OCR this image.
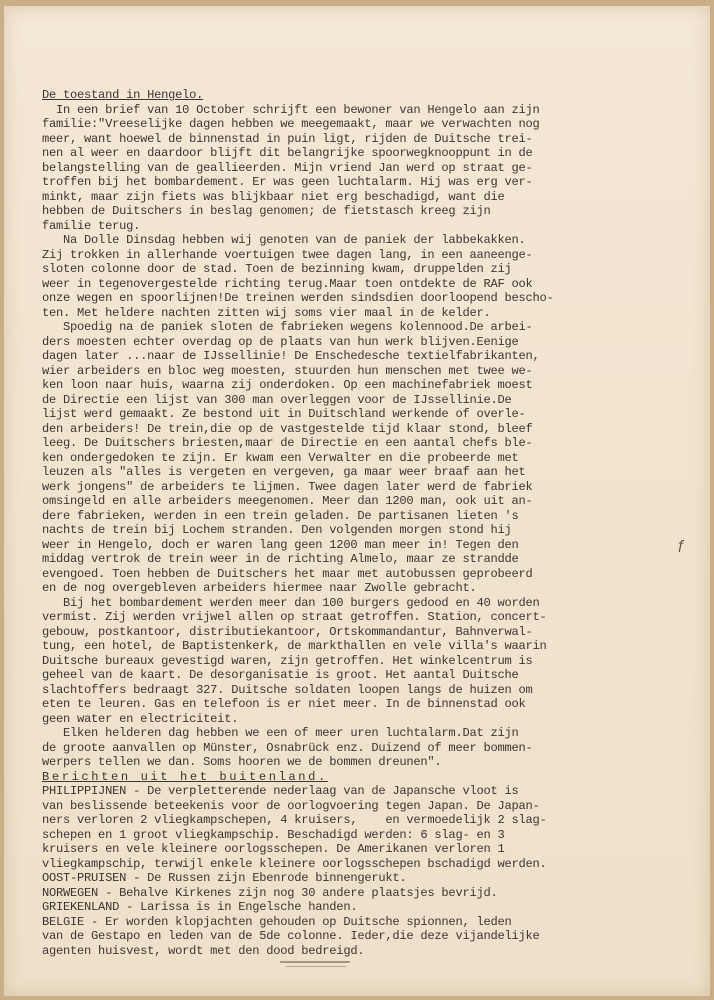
De toestand in Hengelo.
In een brief van 10 October schrijft een bewoner van Hengelo aan zijn
familie:"Vreeselijke dagen hebben we meegemaakt, maar we verwachten nog
meer, want hoewel de binnenstad in puin ligt, rijden de Duitsche trei-
nen al weer en daardoor blijft dit belangrijke spoorwegknooppunt in de
belangstelling van de geallieerden. Mijn vriend Jan werd op straat ge-
troffen bij het bombardement. Er was geen luchtalarm. Hij was erg ver-
minkt, maar zijn fiets was blijkbaar niet erg beschadigd, want die
hebben de Duitschers in beslag genomen; de fietstasch kreeg zijn
familie terug.
Na Dolle Dinsdag hebben wij genoten van de paniek der labbekakken.
Zij trokken in allerhande voertuigen twee dagen lang, in een aaneenge-
sloten colonne door de stad. Toen de bezinning kwam, druppelden zij
weer in tegenovergestelde richting terug.Maar toen ontdekte de RAF ook
onze wegen en spoorlijnen!De treinen werden sindsdien doorloopend beschо-
ten. Met heldere nachten zitten wij soms vier maal in de kelder.
Spoedig na de paniek sloten de fabrieken wegens kolennood.De arbei-
ders moesten echter overdag op de plaats van hun werk blijven.Eenige
dagen later ...naar de IJssellinie! De Enschedesche textielfabrikanten,
wier arbeiders en bloc weg moesten, stuurden hun menschen met twee we-
ken loon naar huis, waarna zij onderdoken. Op een machinefabriek moest
de Directie een lijst van 300 man overleggen voor de IJssellinie.De
lijst werd gemaakt. Ze bestond uit in Duitschland werkende of overle-
den arbeiders! De trein,die op de vastgestelde tijd klaar stond, bleef
leeg. De Duitschers briesten,maar de Directie en een aantal chefs ble-
ken ondergedoken te zijn. Er kwam een Verwalter en die probeerde met
leuzen als "alles is vergeten en vergeven, ga maar weer braaf aan het
werk jongens" de arbeiders te lijmen. Twee dagen later werd de fabriek
omsingeld en alle arbeiders meegenomen. Meer dan 1200 man, ook uit an-
dere fabrieken, werden in een trein geladen. De partisanen lieten 's
nachts de trein bij Lochem stranden. Den volgenden morgen stond hij
weer in Hengelo, doch er waren lang geen 1200 man meer in! Tegen den
middag vertrok de trein weer in de richting Almelo, maar ze strandde
evengoed. Toen hebben de Duitschers het maar met autobussen geprobeerd
en de nog overgebleven arbeiders hiermee naar Zwolle gebracht.
Bij het bombardement werden meer dan 100 burgers gedood en 40 worden
vermist. Zij werden vrijwel allen op straat getroffen. Station, concert-
gebouw, postkantoor, distributiekantoor, Ortskommandantur, Bahnverwal-
tung, een hotel, de Baptistenkerk, de markthallen en vele villa's waarin
Duitsche bureaux gevestigd waren, zijn getroffen. Het winkelcentrum is
geheel van de kaart. De desorganisatie is groot. Het aantal Duitsche
slachtoffers bedraagt 327. Duitsche soldaten loopen langs de huizen om
eten te leuren. Gas en telefoon is er niet meer. In de binnenstad ook
geen water en electriciteit.
Elken helderen dag hebben we een of meer uren luchtalarm.Dat zijn
de groote aanvallen op Münster, Osnabrück enz. Duizend of meer bommen-
werpers tellen we dan. Soms hooren we de bommen dreunen".
Berichten uit het buitenland.
PHILIPPIJNEN - De verpletterende nederlaag van de Japansche vloot is
van beslissende beteekenis voor de oorlogvoering tegen Japan. De Japan-
ners verloren 2 vliegkampschepen, 4 kruisers,    en vermoedelijk 2 slag-
schepen en 1 groot vliegkampschip. Beschadigd werden: 6 slag- en 3
kruisers en vele kleinere oorlogsschepen. De Amerikanen verloren 1
vliegkampschip, terwijl enkele kleinere oorlogsschepen bschadigd werden.
OOST-PRUISEN - De Russen zijn Ebenrode binnengerukt.
NORWEGEN - Behalve Kirkenes zijn nog 30 andere plaatsjes bevrijd.
GRIEKENLAND - Larissa is in Engelsche handen.
BELGIE - Er worden klopjachten gehouden op Duitsche spionnen, leden
van de Gestapo en leden van de 5de colonne. Ieder,die deze vijandelijke
agenten huisvest, wordt met den dood bedreigd.
ƒ
